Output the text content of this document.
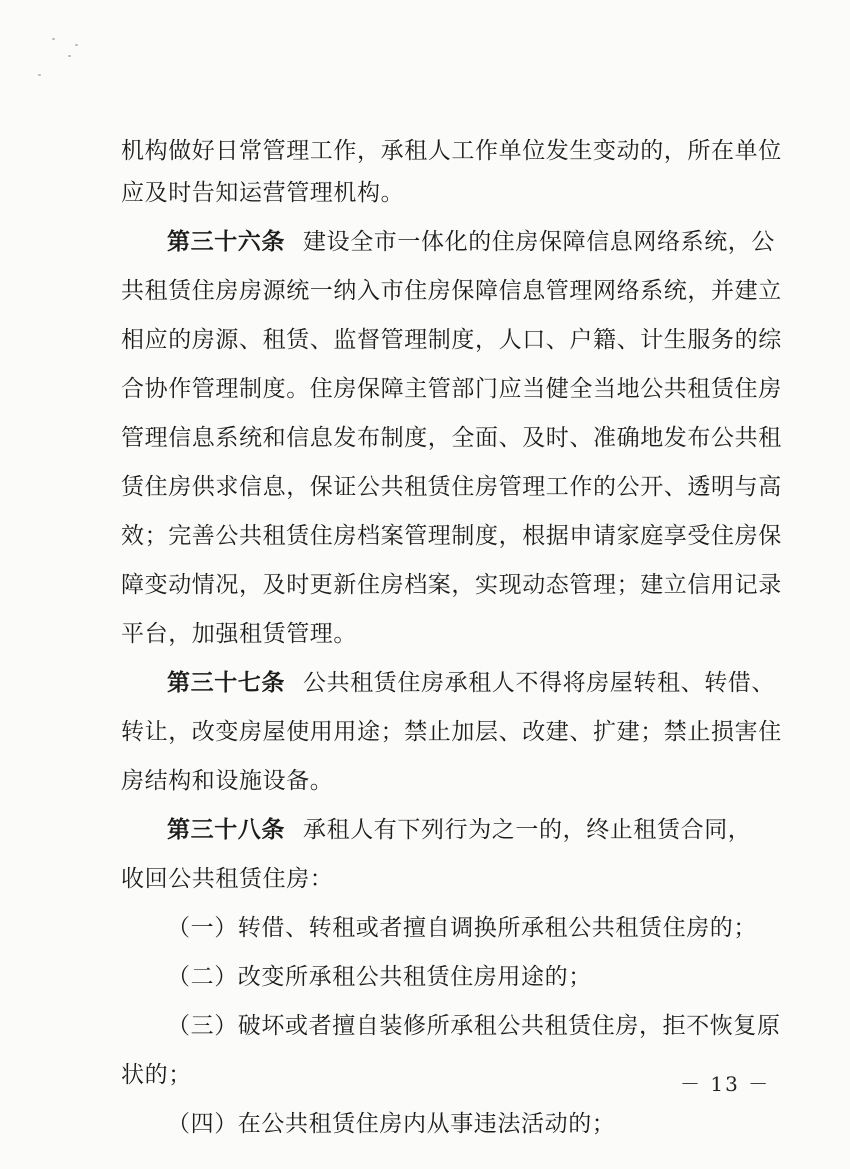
机构做好日常管理工作，承租人工作单位发生变动的，所在单位
应及时告知运营管理机构。
第三十六条 建设全市一体化的住房保障信息网络系统，公
共租赁住房房源统一纳入市住房保障信息管理网络系统，并建立
相应的房源、租赁、监督管理制度，人口、户籍、计生服务的综
合协作管理制度。住房保障主管部门应当健全当地公共租赁住房
管理信息系统和信息发布制度，全面、及时、准确地发布公共租
赁住房供求信息，保证公共租赁住房管理工作的公开、透明与高
效；完善公共租赁住房档案管理制度，根据申请家庭享受住房保
障变动情况，及时更新住房档案，实现动态管理；建立信用记录
平台，加强租赁管理。
第三十七条 公共租赁住房承租人不得将房屋转租、转借、
转让，改变房屋使用用途；禁止加层、改建、扩建；禁止损害住
房结构和设施设备。
第三十八条 承租人有下列行为之一的，终止租赁合同，
收回公共租赁住房：
（一）转借、转租或者擅自调换所承租公共租赁住房的；
（二）改变所承租公共租赁住房用途的；
（三）破坏或者擅自装修所承租公共租赁住房，拒不恢复原
状的；
（四）在公共租赁住房内从事违法活动的；
－ 13 －
